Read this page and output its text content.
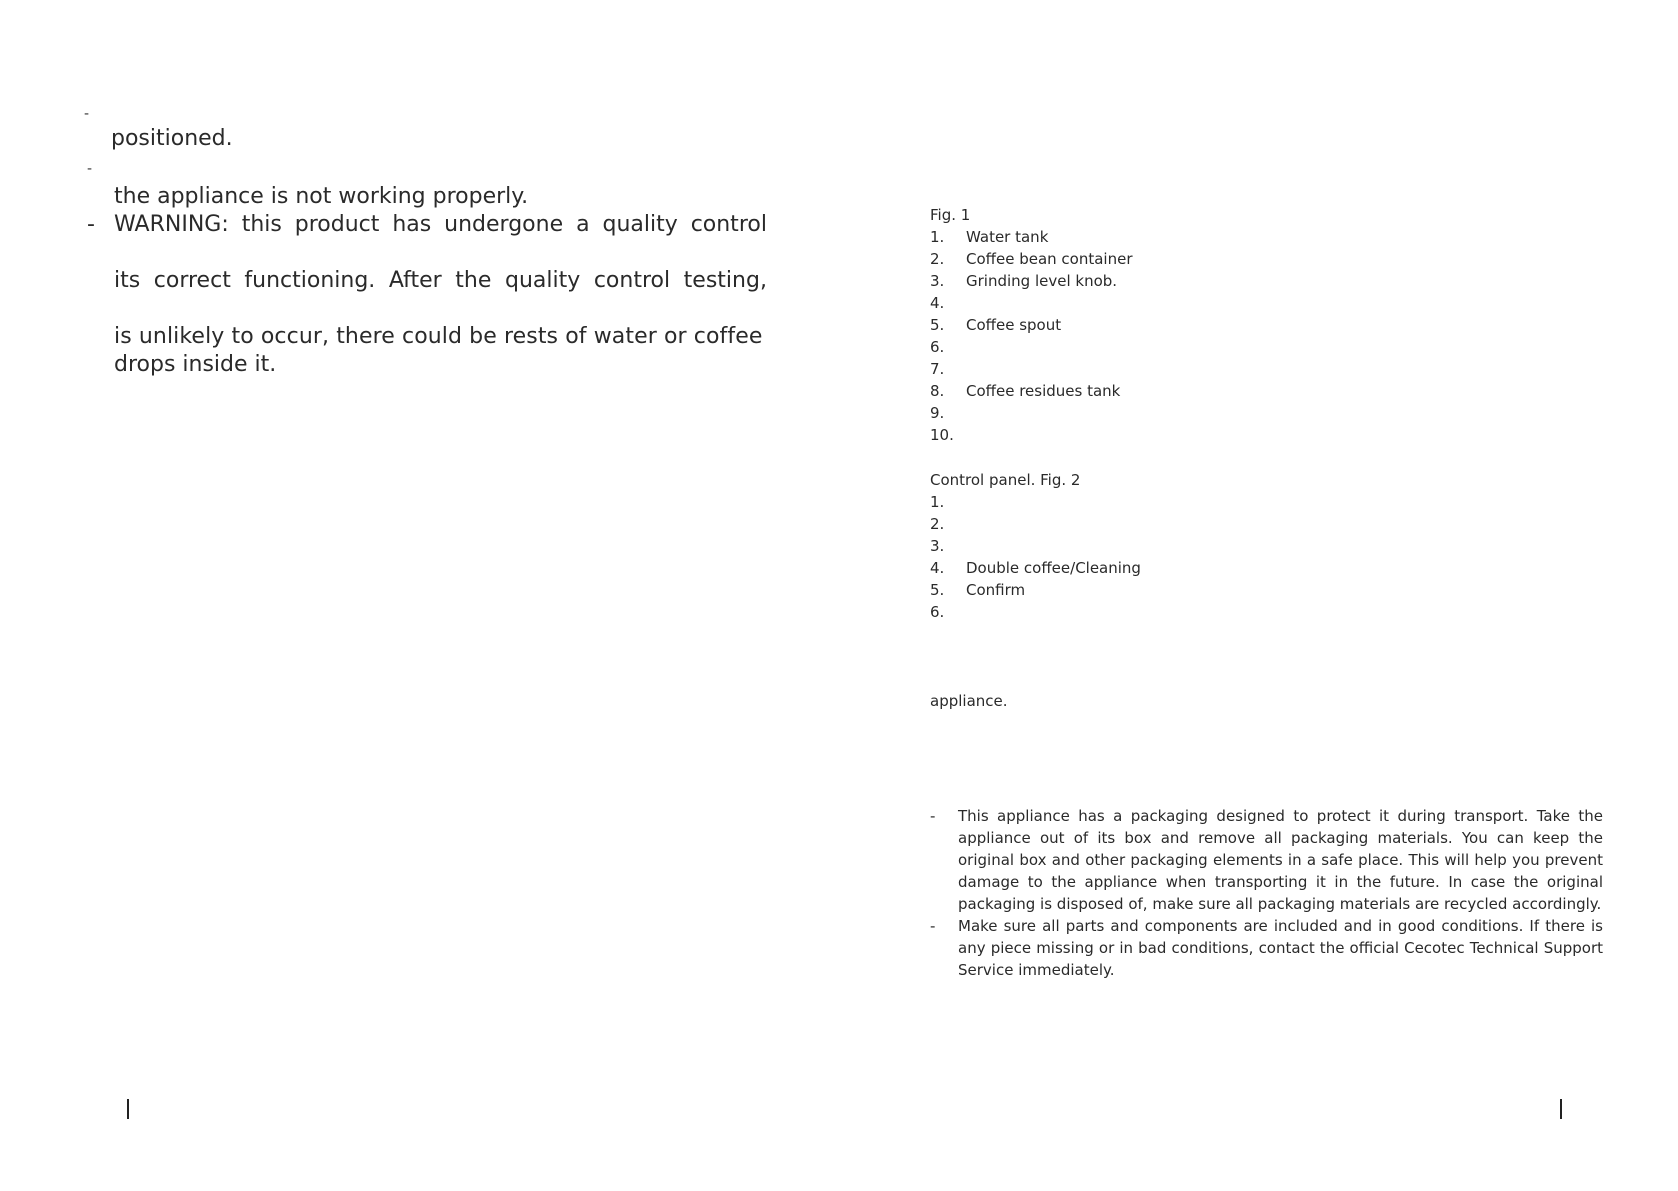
-
positioned.
-
the appliance is not working properly.
- WARNING: this product has undergone a quality control
its correct functioning. After the quality control testing,
is unlikely to occur, there could be rests of water or coffee
drops inside it.
Fig. 1
1. Water tank
2. Coffee bean container
3. Grinding level knob.
4.
5. Coffee spout
6.
7.
8. Coffee residues tank
9.
10.
Control panel. Fig. 2
1.
2.
3.
4. Double coffee/Cleaning
5. Confirm
6.
appliance.
- This appliance has a packaging designed to protect it during transport. Take the appliance out of its box and remove all packaging materials. You can keep the original box and other packaging elements in a safe place. This will help you prevent damage to the appliance when transporting it in the future. In case the original packaging is disposed of, make sure all packaging materials are recycled accordingly.
- Make sure all parts and components are included and in good conditions. If there is any piece missing or in bad conditions, contact the official Cecotec Technical Support Service immediately.
